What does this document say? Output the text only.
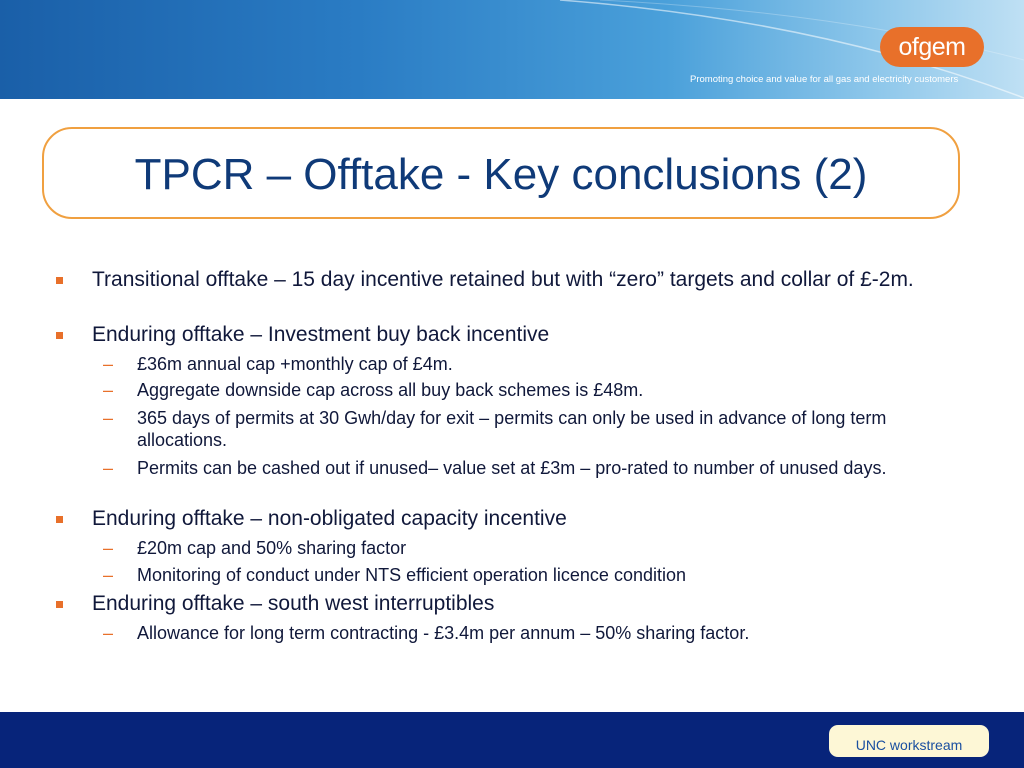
ofgem
Promoting choice and value for all gas and electricity customers
TPCR – Offtake - Key conclusions (2)
Transitional offtake – 15 day incentive retained but with “zero” targets and collar of £-2m.
Enduring offtake – Investment buy back incentive
– £36m annual cap +monthly cap of £4m.
– Aggregate downside cap across all buy back schemes is £48m.
– 365 days of permits at 30 Gwh/day for exit – permits can only be used in advance of long term allocations.
– Permits can be cashed out if unused– value set at £3m – pro-rated to number of unused days.
Enduring offtake – non-obligated capacity incentive
– £20m cap and 50% sharing factor
– Monitoring of conduct under NTS efficient operation licence condition
Enduring offtake – south west interruptibles
– Allowance for long term contracting - £3.4m per annum – 50% sharing factor.
UNC workstream
